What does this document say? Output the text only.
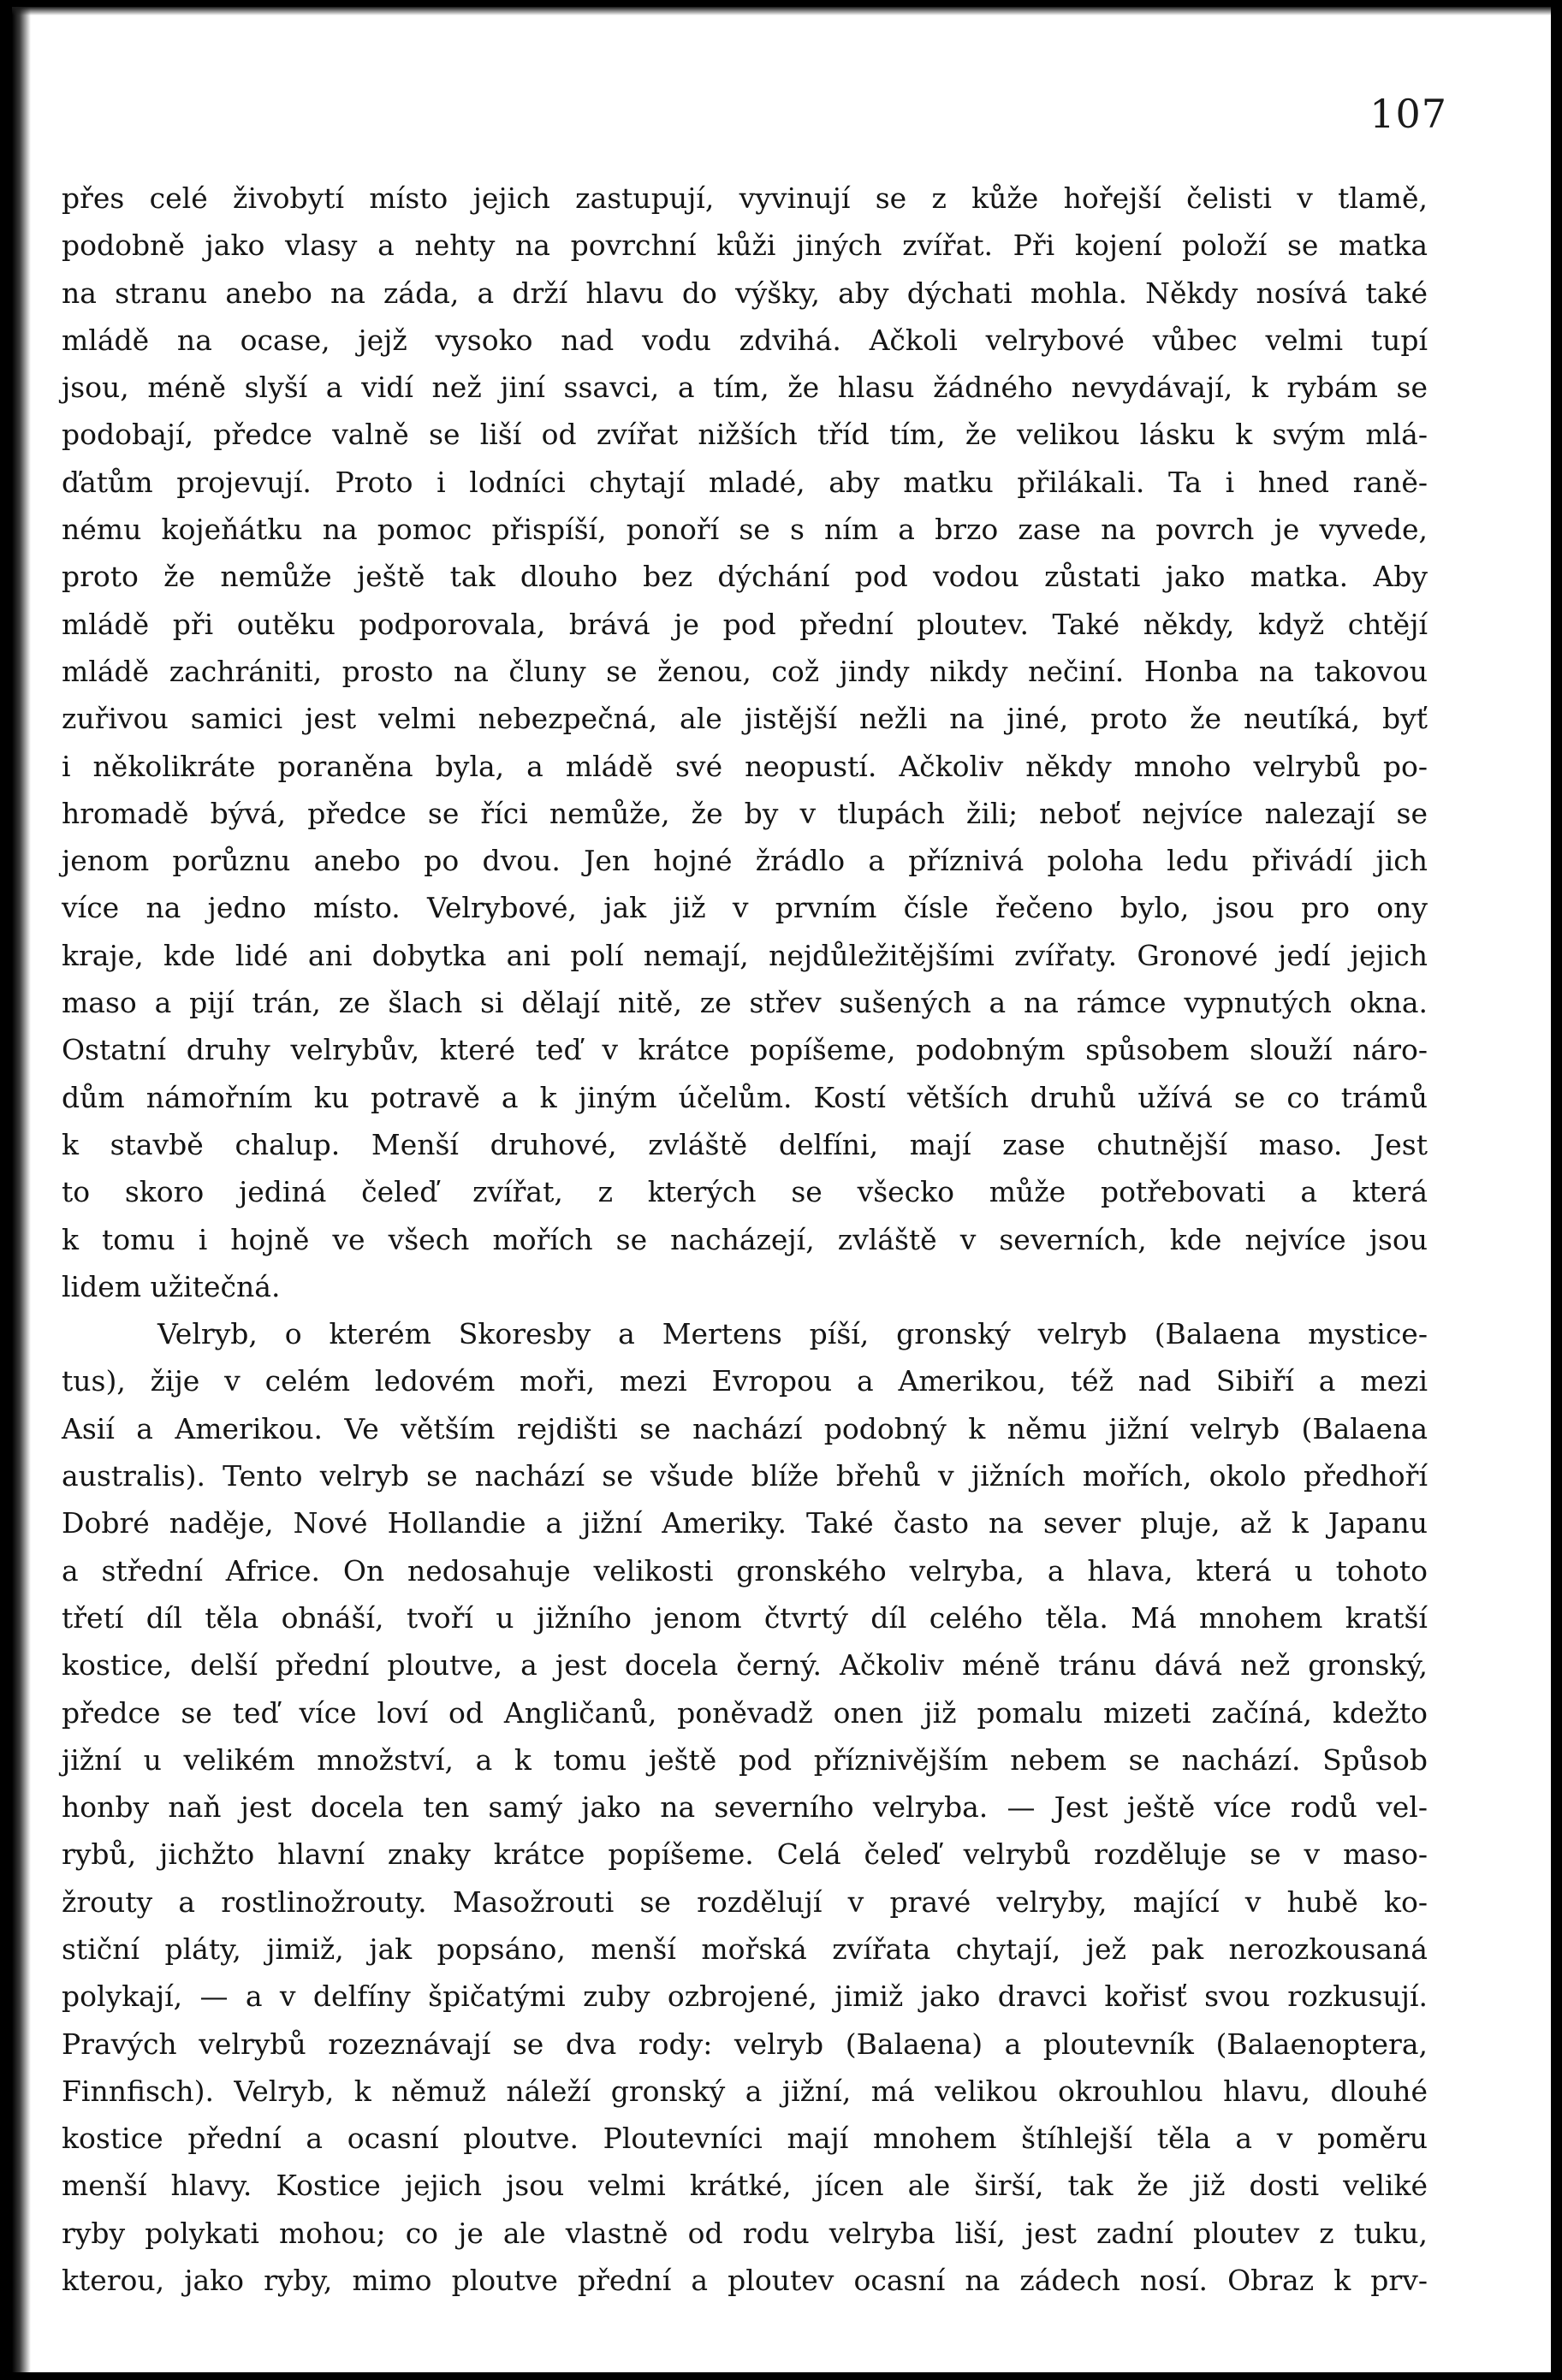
107
přes celé živobytí místo jejich zastupují, vyvinují se z kůže hořejší čelisti v tlamě,
podobně jako vlasy a nehty na povrchní kůži jiných zvířat. Při kojení položí se matka
na stranu anebo na záda, a drží hlavu do výšky, aby dýchati mohla. Někdy nosívá také
mládě na ocase, jejž vysoko nad vodu zdvihá. Ačkoli velrybové vůbec velmi tupí
jsou, méně slyší a vidí než jiní ssavci, a tím, že hlasu žádného nevydávají, k rybám se
podobají, předce valně se liší od zvířat nižších tříd tím, že velikou lásku k svým mlá-
ďatům projevují. Proto i lodníci chytají mladé, aby matku přilákali. Ta i hned raně-
nému kojeňátku na pomoc přispíší, ponoří se s ním a brzo zase na povrch je vyvede,
proto že nemůže ještě tak dlouho bez dýchání pod vodou zůstati jako matka. Aby
mládě při outěku podporovala, brává je pod přední ploutev. Také někdy, když chtějí
mládě zachrániti, prosto na čluny se ženou, což jindy nikdy nečiní. Honba na takovou
zuřivou samici jest velmi nebezpečná, ale jistější nežli na jiné, proto že neutíká, byť
i několikráte poraněna byla, a mládě své neopustí. Ačkoliv někdy mnoho velrybů po-
hromadě bývá, předce se říci nemůže, že by v tlupách žili; neboť nejvíce nalezají se
jenom porůznu anebo po dvou. Jen hojné žrádlo a příznivá poloha ledu přivádí jich
více na jedno místo. Velrybové, jak již v prvním čísle řečeno bylo, jsou pro ony
kraje, kde lidé ani dobytka ani polí nemají, nejdůležitějšími zvířaty. Gronové jedí jejich
maso a pijí trán, ze šlach si dělají nitě, ze střev sušených a na rámce vypnutých okna.
Ostatní druhy velrybův, které teď v krátce popíšeme, podobným spůsobem slouží náro-
dům námořním ku potravě a k jiným účelům. Kostí větších druhů užívá se co trámů
k stavbě chalup. Menší druhové, zvláště delfíni, mají zase chutnější maso. Jest
to skoro jediná čeleď zvířat, z kterých se všecko může potřebovati a která
k tomu i hojně ve všech mořích se nacházejí, zvláště v severních, kde nejvíce jsou
lidem užitečná.
Velryb, o kterém Skoresby a Mertens píší, gronský velryb (Balaena mystice-
tus), žije v celém ledovém moři, mezi Evropou a Amerikou, též nad Sibiří a mezi
Asií a Amerikou. Ve větším rejdišti se nachází podobný k němu jižní velryb (Balaena
australis). Tento velryb se nachází se všude blíže břehů v jižních mořích, okolo předhoří
Dobré naděje, Nové Hollandie a jižní Ameriky. Také často na sever pluje, až k Japanu
a střední Africe. On nedosahuje velikosti gronského velryba, a hlava, která u tohoto
třetí díl těla obnáší, tvoří u jižního jenom čtvrtý díl celého těla. Má mnohem kratší
kostice, delší přední ploutve, a jest docela černý. Ačkoliv méně tránu dává než gronský,
předce se teď více loví od Angličanů, poněvadž onen již pomalu mizeti začíná, kdežto
jižní u velikém množství, a k tomu ještě pod příznivějším nebem se nachází. Spůsob
honby naň jest docela ten samý jako na severního velryba. — Jest ještě více rodů vel-
rybů, jichžto hlavní znaky krátce popíšeme. Celá čeleď velrybů rozděluje se v maso-
žrouty a rostlinožrouty. Masožrouti se rozdělují v pravé velryby, mající v hubě ko-
stiční pláty, jimiž, jak popsáno, menší mořská zvířata chytají, jež pak nerozkousaná
polykají, — a v delfíny špičatými zuby ozbrojené, jimiž jako dravci kořisť svou rozkusují.
Pravých velrybů rozeznávají se dva rody: velryb (Balaena) a ploutevník (Balaenoptera,
Finnfisch). Velryb, k němuž náleží gronský a jižní, má velikou okrouhlou hlavu, dlouhé
kostice přední a ocasní ploutve. Ploutevníci mají mnohem štíhlejší těla a v poměru
menší hlavy. Kostice jejich jsou velmi krátké, jícen ale širší, tak že již dosti veliké
ryby polykati mohou; co je ale vlastně od rodu velryba liší, jest zadní ploutev z tuku,
kterou, jako ryby, mimo ploutve přední a ploutev ocasní na zádech nosí. Obraz k prv-
